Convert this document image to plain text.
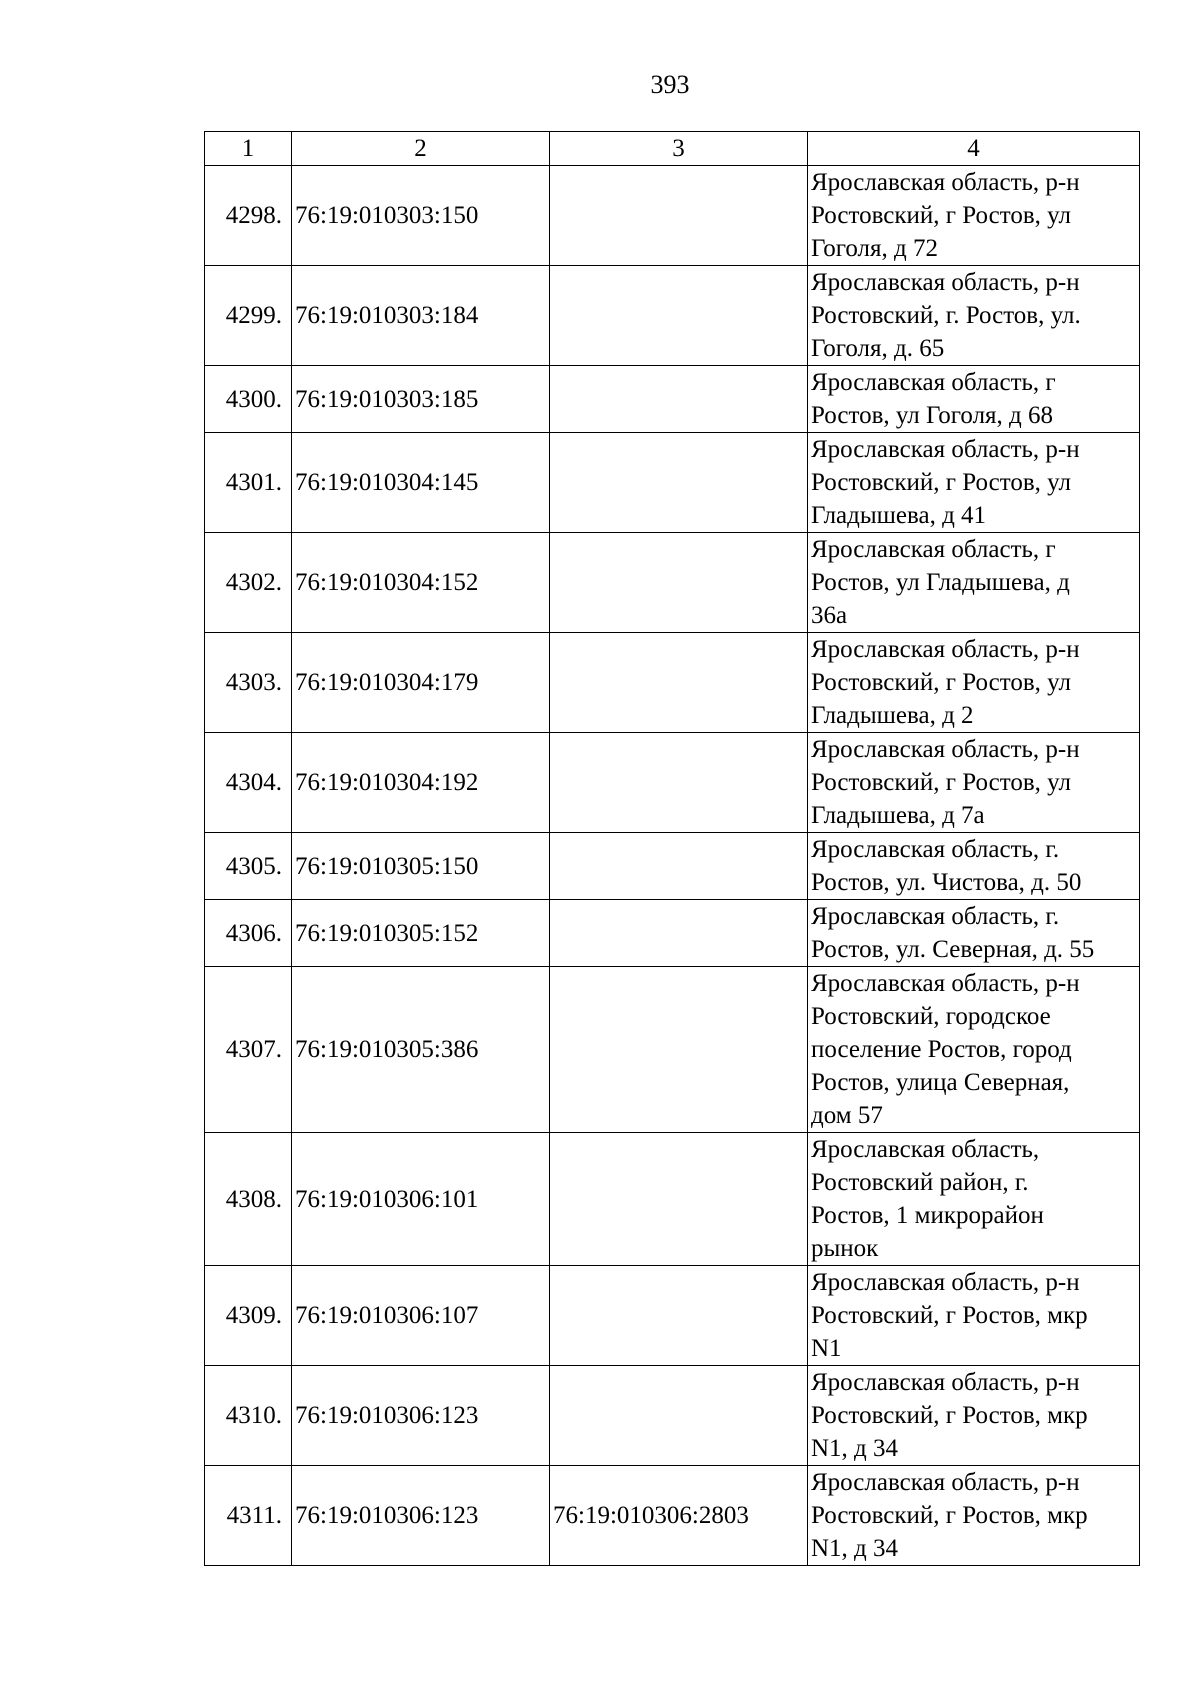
393
1	2	3	4
4298.	76:19:010303:150		Ярославская область, р-н
Ростовский, г Ростов, ул
Гоголя, д 72
4299.	76:19:010303:184		Ярославская область, р-н
Ростовский, г. Ростов, ул.
Гоголя, д. 65
4300.	76:19:010303:185		Ярославская область, г
Ростов, ул Гоголя, д 68
4301.	76:19:010304:145		Ярославская область, р-н
Ростовский, г Ростов, ул
Гладышева, д 41
4302.	76:19:010304:152		Ярославская область, г
Ростов, ул Гладышева, д
36а
4303.	76:19:010304:179		Ярославская область, р-н
Ростовский, г Ростов, ул
Гладышева, д 2
4304.	76:19:010304:192		Ярославская область, р-н
Ростовский, г Ростов, ул
Гладышева, д 7а
4305.	76:19:010305:150		Ярославская область, г.
Ростов, ул. Чистова, д. 50
4306.	76:19:010305:152		Ярославская область, г.
Ростов, ул. Северная, д. 55
4307.	76:19:010305:386		Ярославская область, р-н
Ростовский, городское
поселение Ростов, город
Ростов, улица Северная,
дом 57
4308.	76:19:010306:101		Ярославская область,
Ростовский район, г.
Ростов, 1 микрорайон
рынок
4309.	76:19:010306:107		Ярославская область, р-н
Ростовский, г Ростов, мкр
N1
4310.	76:19:010306:123		Ярославская область, р-н
Ростовский, г Ростов, мкр
N1, д 34
4311.	76:19:010306:123	76:19:010306:2803	Ярославская область, р-н
Ростовский, г Ростов, мкр
N1, д 34
